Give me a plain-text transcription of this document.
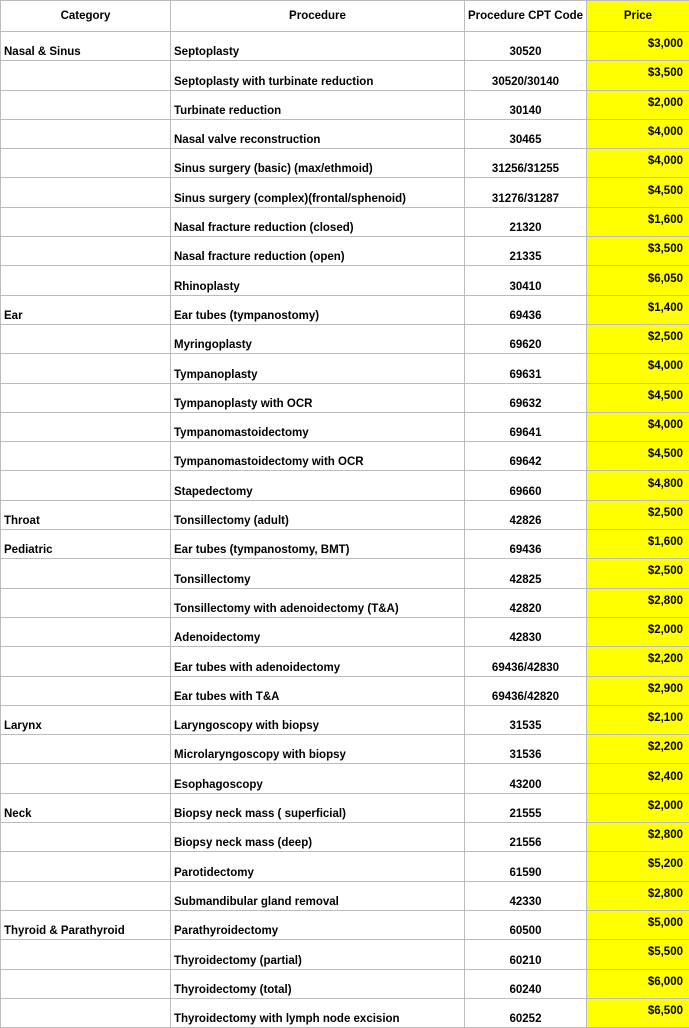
Category	Procedure	Procedure CPT Code	Price
Nasal & Sinus	Septoplasty	30520	$3,000
	Septoplasty with turbinate reduction	30520/30140	$3,500
	Turbinate reduction	30140	$2,000
	Nasal valve reconstruction	30465	$4,000
	Sinus surgery (basic) (max/ethmoid)	31256/31255	$4,000
	Sinus surgery (complex)(frontal/sphenoid)	31276/31287	$4,500
	Nasal fracture reduction (closed)	21320	$1,600
	Nasal fracture reduction (open)	21335	$3,500
	Rhinoplasty	30410	$6,050
Ear	Ear tubes (tympanostomy)	69436	$1,400
	Myringoplasty	69620	$2,500
	Tympanoplasty	69631	$4,000
	Tympanoplasty with OCR	69632	$4,500
	Tympanomastoidectomy	69641	$4,000
	Tympanomastoidectomy with OCR	69642	$4,500
	Stapedectomy	69660	$4,800
Throat	Tonsillectomy (adult)	42826	$2,500
Pediatric	Ear tubes (tympanostomy, BMT)	69436	$1,600
	Tonsillectomy	42825	$2,500
	Tonsillectomy with adenoidectomy (T&A)	42820	$2,800
	Adenoidectomy	42830	$2,000
	Ear tubes with adenoidectomy	69436/42830	$2,200
	Ear tubes with T&A	69436/42820	$2,900
Larynx	Laryngoscopy with biopsy	31535	$2,100
	Microlaryngoscopy with biopsy	31536	$2,200
	Esophagoscopy	43200	$2,400
Neck	Biopsy neck mass ( superficial)	21555	$2,000
	Biopsy neck mass (deep)	21556	$2,800
	Parotidectomy	61590	$5,200
	Submandibular gland removal	42330	$2,800
Thyroid & Parathyroid	Parathyroidectomy	60500	$5,000
	Thyroidectomy (partial)	60210	$5,500
	Thyroidectomy (total)	60240	$6,000
	Thyroidectomy with lymph node excision	60252	$6,500
